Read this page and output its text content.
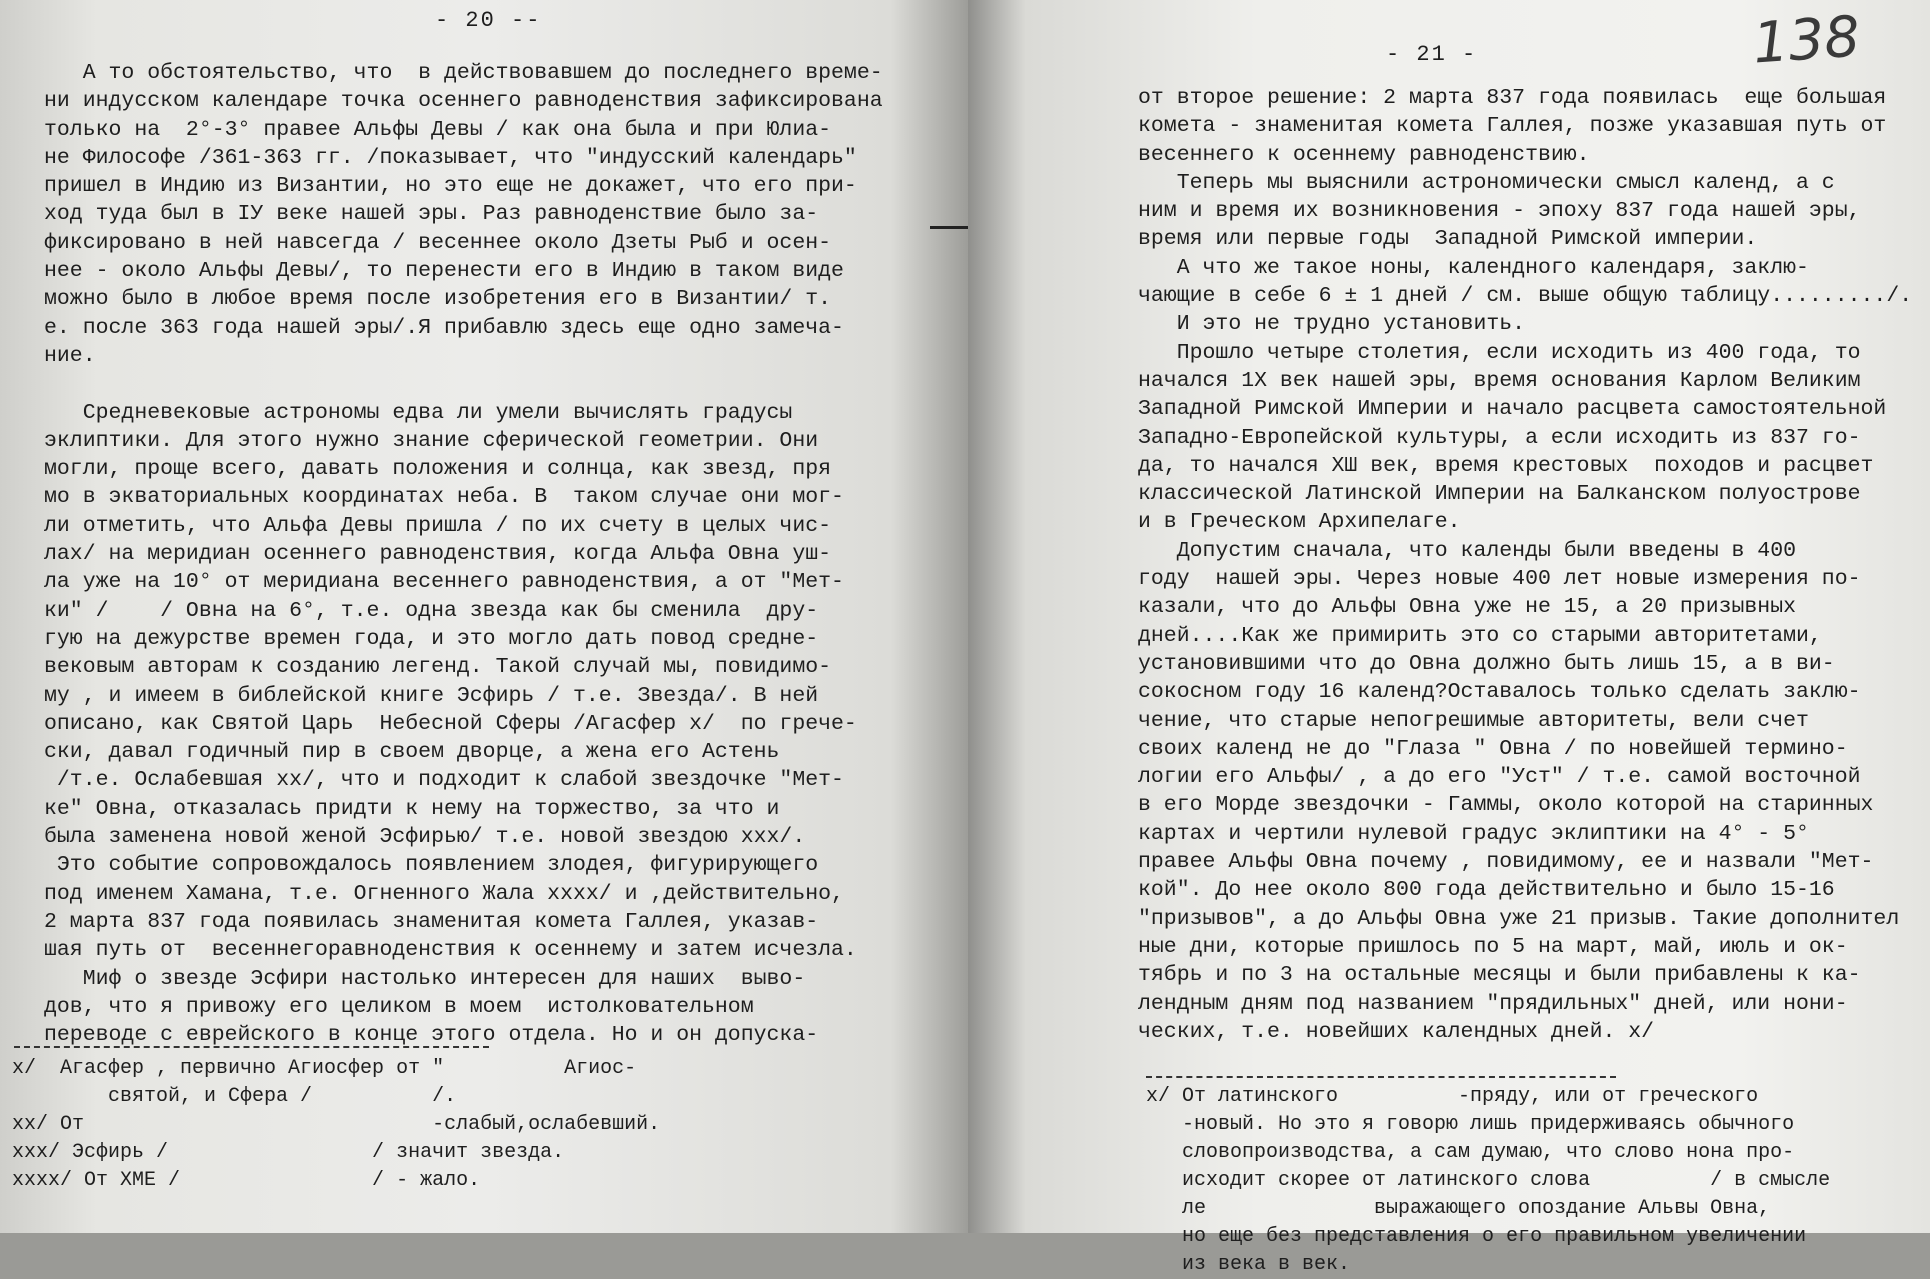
- 20 --
А то обстоятельство, что  в действовавшем до последнего време-
ни индусском календаре точка осеннего равноденствия зафиксирована
только на  2°-3° правее Альфы Девы / как она была и при Юлиа-
не Философе /361-363 гг. /показывает, что "индусский календарь"
пришел в Индию из Византии, но это еще не докажет, что его при-
ход туда был в IУ веке нашей эры. Раз равноденствие было за-
фиксировано в ней навсегда / весеннее около Дзеты Рыб и осен-
нее - около Альфы Девы/, то перенести его в Индию в таком виде
можно было в любое время после изобретения его в Византии/ т.
е. после 363 года нашей эры/.Я прибавлю здесь еще одно замеча-
ние.
Средневековые астрономы едва ли умели вычислять градусы
эклиптики. Для этого нужно знание сферической геометрии. Они
могли, проще всего, давать положения и солнца, как звезд, пря
мо в экваториальных координатах неба. В  таком случае они мог-
ли отметить, что Альфа Девы пришла / по их счету в целых чис-
лах/ на меридиан осеннего равноденствия, когда Альфа Овна уш-
ла уже на 10° от меридиана весеннего равноденствия, а от "Мет-
ки" /    / Овна на 6°, т.е. одна звезда как бы сменила  дру-
гую на дежурстве времен года, и это могло дать повод средне-
вековым авторам к созданию легенд. Такой случай мы, повидимо-
му , и имеем в библейской книге Эсфирь / т.е. Звезда/. В ней
описано, как Святой Царь  Небесной Сферы /Агасфер x/  по грече-
ски, давал годичный пир в своем дворце, а жена его Астень
/т.е. Ослабевшая xx/, что и подходит к слабой звездочке "Мет-
ке" Овна, отказалась придти к нему на торжество, за что и
была заменена новой женой Эсфирью/ т.е. новой звездою xxx/.
Это событие сопровождалось появлением злодея, фигурирующего
под именем Хамана, т.е. Огненного Жала xxxx/ и ,действительно,
2 марта 837 года появилась знаменитая комета Галлея, указав-
шая путь от  весеннегоравноденствия к осеннему и затем исчезла.
Миф о звезде Эсфири настолько интересен для наших  выво-
дов, что я привожу его целиком в моем  истолковательном
переводе с еврейского в конце этого отдела. Но и он допуска-
x/  Агасфер , первично Агиосфер от "          Агиос-
святой, и Сфера /          /.
xx/ От                             -слабый,ослабевший.
xxx/ Эсфирь /                 / значит звезда.
xxxx/ От ХМЕ /                / - жало.
- 21 -	138
от второе решение: 2 марта 837 года появилась  еще большая
комета - знаменитая комета Галлея, позже указавшая путь от
весеннего к осеннему равноденствию.
Теперь мы выяснили астрономически смысл календ, а с
ним и время их возникновения - эпоху 837 года нашей эры,
время или первые годы  Западной Римской империи.
А что же такое ноны, календного календаря, заклю-
чающие в себе 6 ± 1 дней / см. выше общую таблицу........./.
И это не трудно установить.
Прошло четыре столетия, если исходить из 400 года, то
начался 1Х век нашей эры, время основания Карлом Великим
Западной Римской Империи и начало расцвета самостоятельной
Западно-Европейской культуры, а если исходить из 837 го-
да, то начался ХШ век, время крестовых  походов и расцвет
классической Латинской Империи на Балканском полуострове
и в Греческом Архипелаге.
Допустим сначала, что календы были введены в 400
году  нашей эры. Через новые 400 лет новые измерения по-
казали, что до Альфы Овна уже не 15, а 20 призывных
дней....Как же примирить это со старыми авторитетами,
установившими что до Овна должно быть лишь 15, а в ви-
сокосном году 16 календ?Оставалось только сделать заклю-
чение, что старые непогрешимые авторитеты, вели счет
своих календ не до "Глаза " Овна / по новейшей термино-
логии его Альфы/ , а до его "Уст" / т.е. самой восточной
в его Морде звездочки - Гаммы, около которой на старинных
картах и чертили нулевой градус эклиптики на 4° - 5°
правее Альфы Овна почему , повидимому, ее и назвали "Мет-
кой". До нее около 800 года действительно и было 15-16
"призывов", а до Альфы Овна уже 21 призыв. Такие дополнител
ные дни, которые пришлось по 5 на март, май, июль и ок-
тябрь и по 3 на остальные месяцы и были прибавлены к ка-
лендным дням под названием "прядильных" дней, или нони-
ческих, т.е. новейших календных дней. x/
x/ От латинского          -пряду, или от греческого
-новый. Но это я говорю лишь придерживаясь обычного
словопроизводства, а сам думаю, что слово нона про-
исходит скорее от латинского слова          / в смысле
ле              выражающего опоздание Альвы Овна,
но еще без представления о его правильном увеличении
из века в век.
